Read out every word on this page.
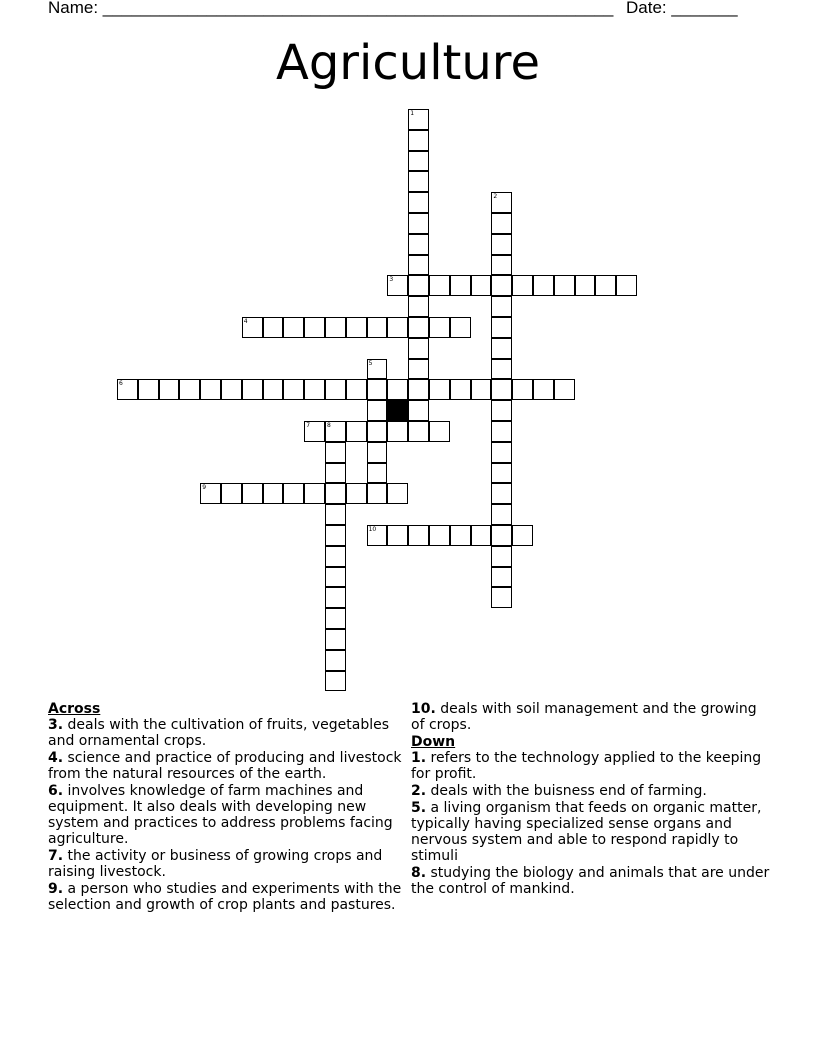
Name: ______________________________________________________ Date: _______
Agriculture
1
2
3
4
5
6
7	8
9
10

Across

3. deals with the cultivation of fruits, vegetables and ornamental crops.

4. science and practice of producing and livestock from the natural resources of the earth.

6. involves knowledge of farm machines and equipment. It also deals with developing new system and practices to address problems facing agriculture.

7. the activity or business of growing crops and raising livestock.

9. a person who studies and experiments with the selection and growth of crop plants and pastures.

10. deals with soil management and the growing of crops.

Down

1. refers to the technology applied to the keeping for profit.

2. deals with the buisness end of farming.

5. a living organism that feeds on organic matter, typically having specialized sense organs and nervous system and able to respond rapidly to stimuli

8. studying the biology and animals that are under the control of mankind.
